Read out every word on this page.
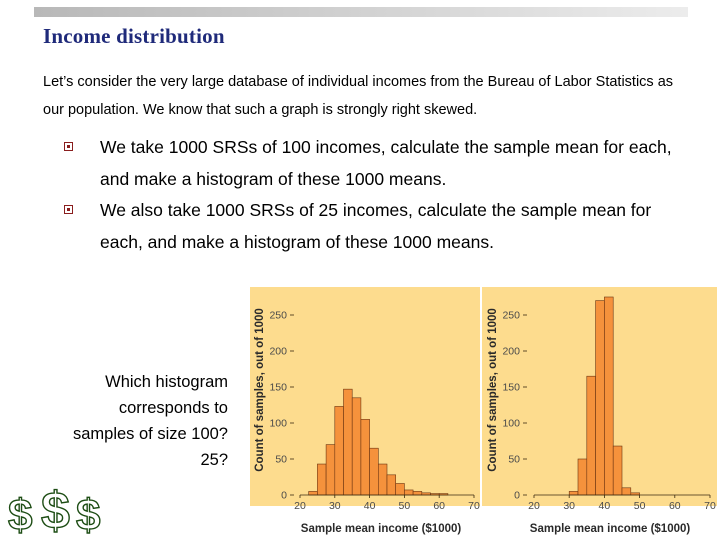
Income distribution

Let’s consider the very large database of individual incomes from the Bureau of Labor Statistics as our population. We know that such a graph is strongly right skewed.

We take 1000 SRSs of 100 incomes, calculate the sample mean for each, and make a histogram of these 1000 means.
We also take 1000 SRSs of 25 incomes, calculate the sample mean for each, and make a histogram of these 1000 means.
Which histogram corresponds to samples of size 100? 25?
$ $ $	20 30 40 50 60 70
0
50
100
150
200
250
Sample mean income ($1000)
Count of samples, out of 1000
20 30 40 50 60 70
0
50
100
150
200
250
Sample mean income ($1000)
Count of samples, out of 1000
